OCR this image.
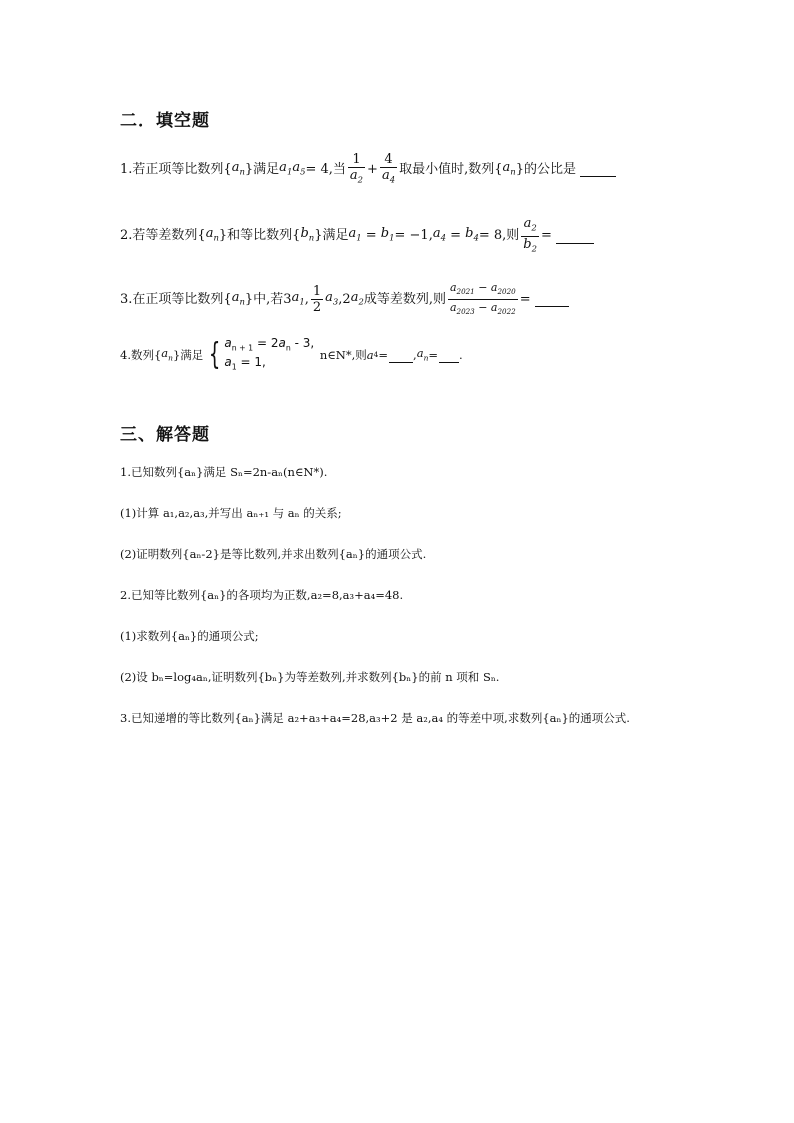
二．填空题
1.若正项等比数列{ $a_n$ }满足 $a_1a_5 = 4$,当 $\frac{1}{a_2} + \frac{4}{a_4}$ 取最小值时,数列{ $a_n$ }的公比是
2.若等差数列{ $a_n$ }和等比数列{ $b_n$ }满足 $a_1 = b_1 = -1$, $a_4 = b_4 = 8$,则 $\frac{a_2}{b_2}$ =
3.在正项等比数列{ $a_n$ }中,若3 $a_1$ , $\frac{1}{2} a_3$ ,2 $a_2$ 成等差数列,则 $\frac{a_{2021} - a_{2020}}{a_{2023} - a_{2022}}$ =
4.数列{ $a_n$ }满足 { $a_{n + 1} = 2a_n - 3$,
$a_1 = 1$,
	n∈N*,则 a 4 = , $a_n$ = .
三、解答题
1.已知数列{aₙ}满足 Sₙ=2n-aₙ(n∈N*).
(1)计算 a₁,a₂,a₃,并写出 aₙ₊₁ 与 aₙ 的关系;
(2)证明数列{aₙ-2}是等比数列,并求出数列{aₙ}的通项公式.
2.已知等比数列{aₙ}的各项均为正数,a₂=8,a₃+a₄=48.
(1)求数列{aₙ}的通项公式;
(2)设 bₙ=log₄aₙ,证明数列{bₙ}为等差数列,并求数列{bₙ}的前 n 项和 Sₙ.
3.已知递增的等比数列{aₙ}满足 a₂+a₃+a₄=28,a₃+2 是 a₂,a₄ 的等差中项,求数列{aₙ}的通项公式.
